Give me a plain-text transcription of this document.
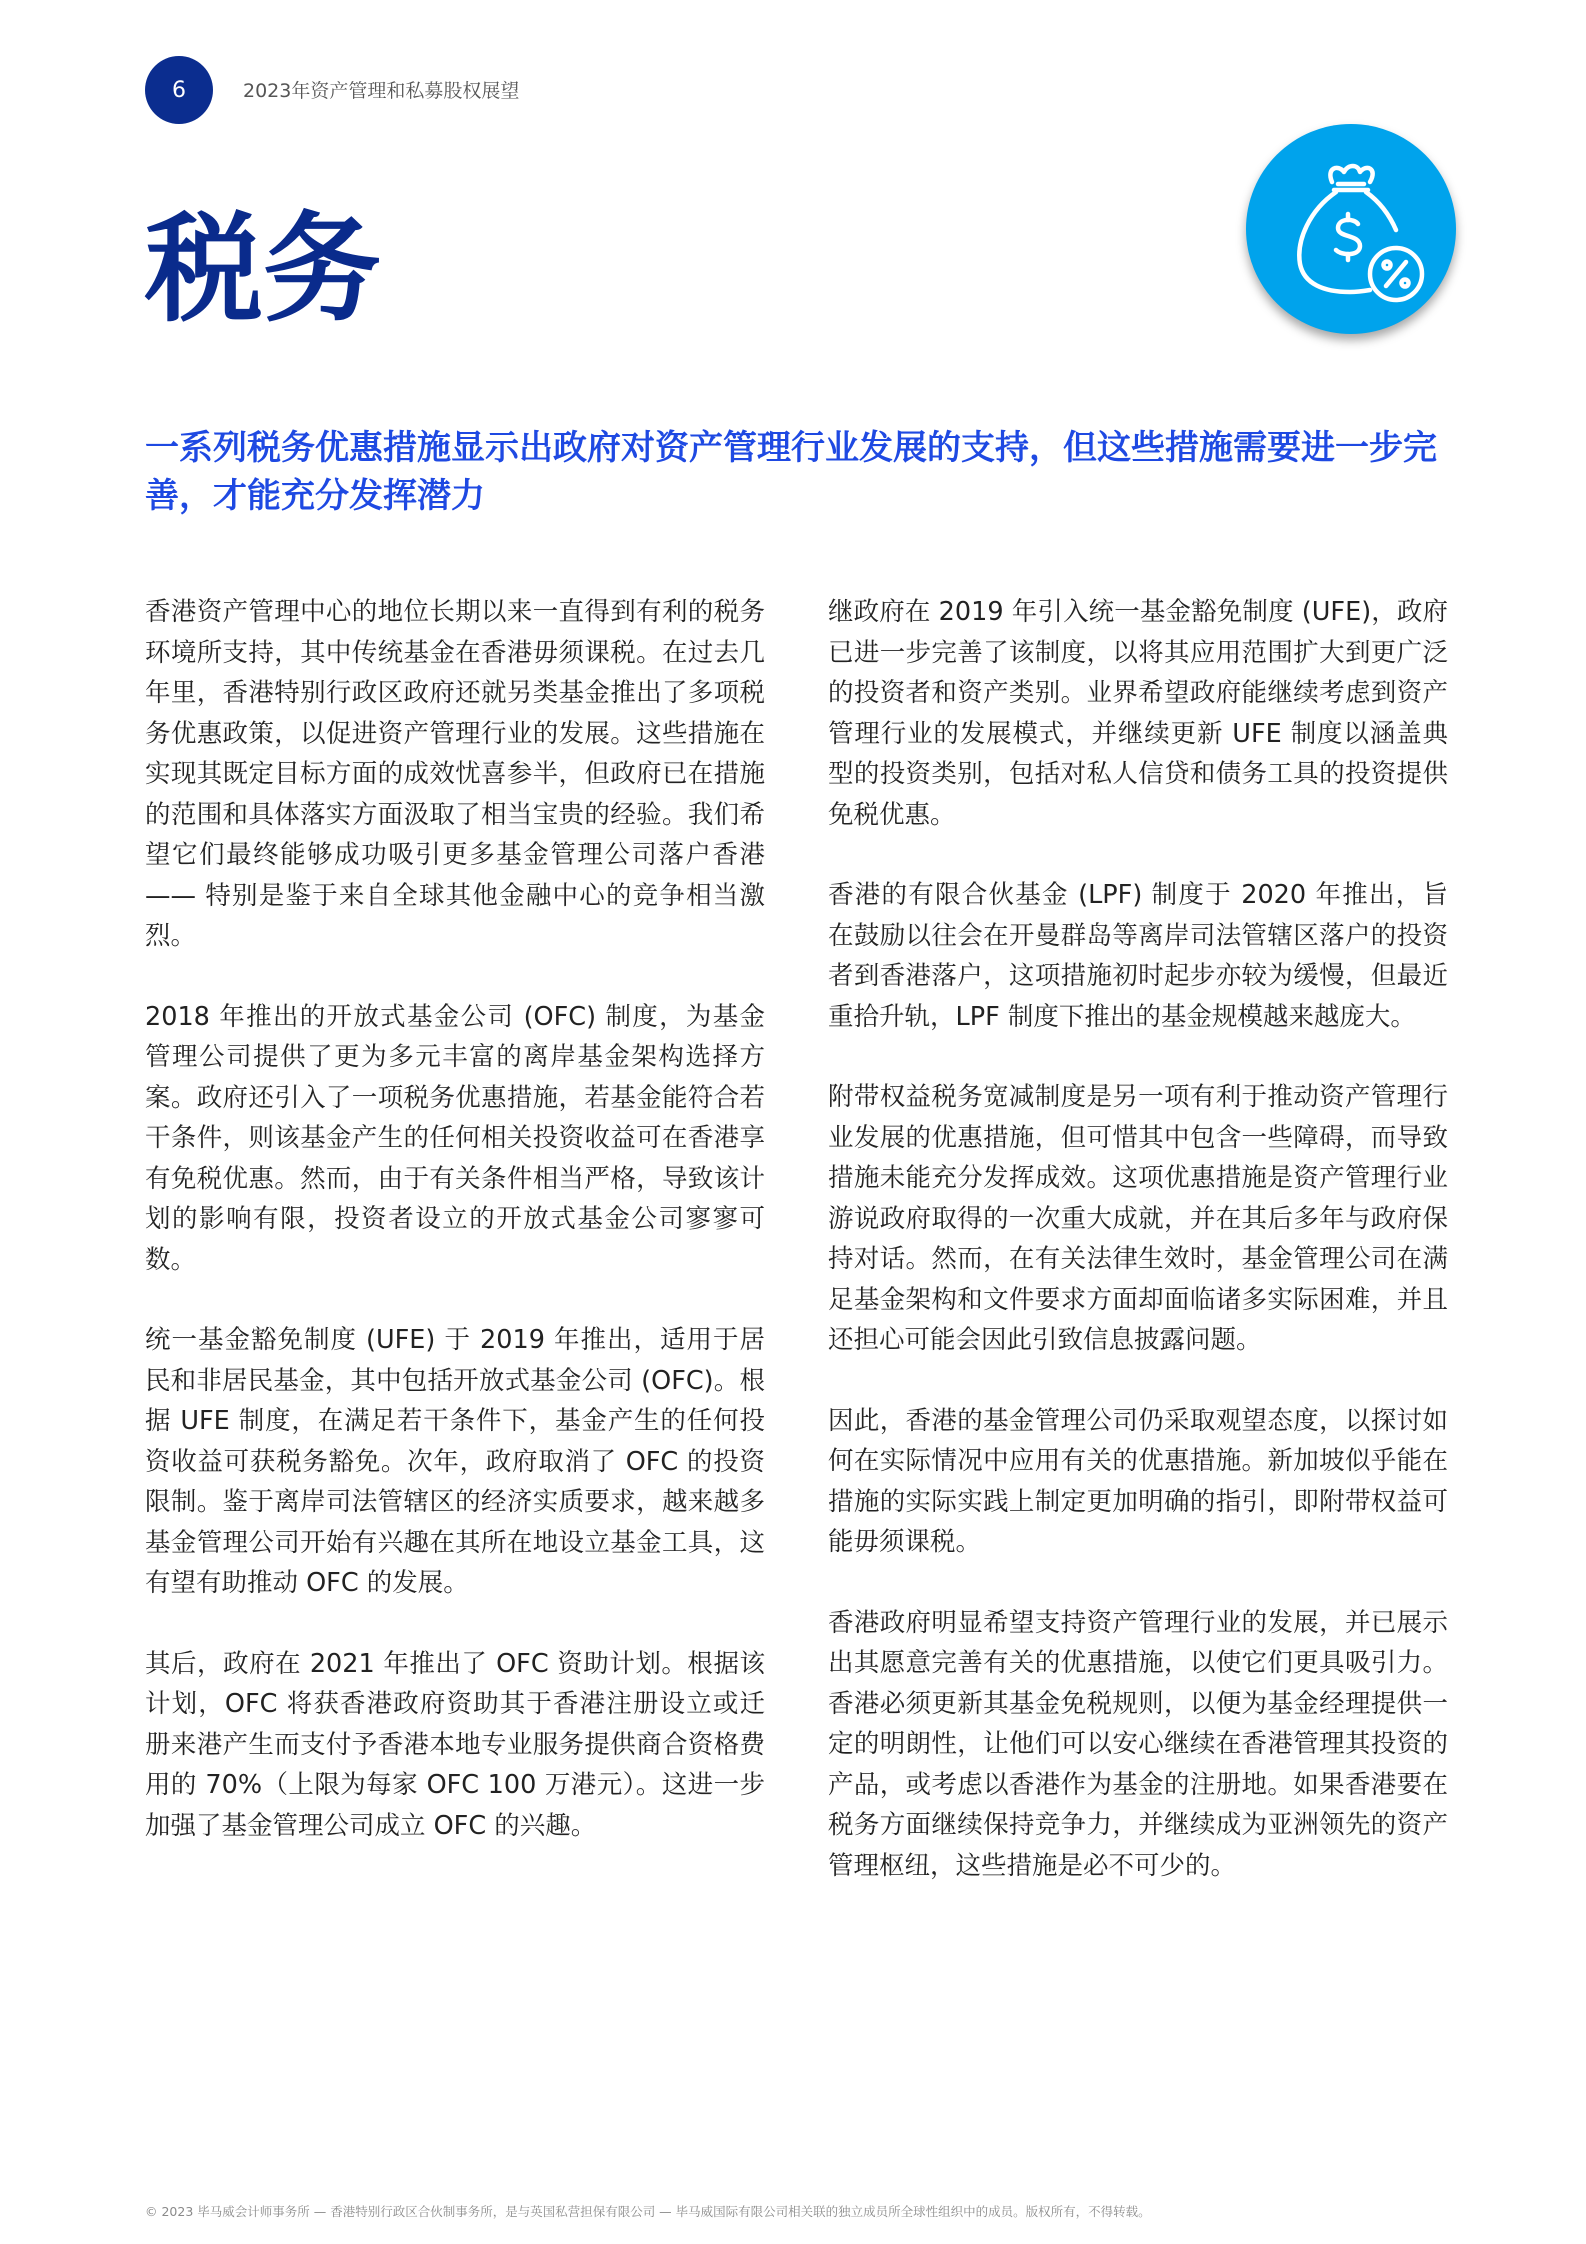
6	2023年资产管理和私募股权展望
税务
一系列税务优惠措施显示出政府对资产管理行业发展的支持，但这些措施需要进一步完善，才能充分发挥潜力

香港资产管理中心的地位长期以来一直得到有利的税务环境所支持，其中传统基金在香港毋须课税。在过去几年里，香港特别行政区政府还就另类基金推出了多项税务优惠政策，以促进资产管理行业的发展。这些措施在实现其既定目标方面的成效忧喜参半，但政府已在措施的范围和具体落实方面汲取了相当宝贵的经验。我们希望它们最终能够成功吸引更多基金管理公司落户香港 —— 特别是鉴于来自全球其他金融中心的竞争相当激烈。

2018 年推出的开放式基金公司 (OFC) 制度，为基金管理公司提供了更为多元丰富的离岸基金架构选择方案。政府还引入了一项税务优惠措施，若基金能符合若干条件，则该基金产生的任何相关投资收益可在香港享有免税优惠。然而，由于有关条件相当严格，导致该计划的影响有限，投资者设立的开放式基金公司寥寥可数。

统一基金豁免制度 (UFE) 于 2019 年推出，适用于居民和非居民基金，其中包括开放式基金公司 (OFC)。根据 UFE 制度，在满足若干条件下，基金产生的任何投资收益可获税务豁免。次年，政府取消了 OFC 的投资限制。鉴于离岸司法管辖区的经济实质要求，越来越多基金管理公司开始有兴趣在其所在地设立基金工具，这有望有助推动 OFC 的发展。

其后，政府在 2021 年推出了 OFC 资助计划。根据该计划，OFC 将获香港政府资助其于香港注册设立或迁册来港产生而支付予香港本地专业服务提供商合资格费用的 70%（上限为每家 OFC 100 万港元）。这进一步加强了基金管理公司成立 OFC 的兴趣。

继政府在 2019 年引入统一基金豁免制度 (UFE)，政府已进一步完善了该制度，以将其应用范围扩大到更广泛的投资者和资产类别。业界希望政府能继续考虑到资产管理行业的发展模式，并继续更新 UFE 制度以涵盖典型的投资类别，包括对私人信贷和债务工具的投资提供免税优惠。

香港的有限合伙基金 (LPF) 制度于 2020 年推出，旨在鼓励以往会在开曼群岛等离岸司法管辖区落户的投资者到香港落户，这项措施初时起步亦较为缓慢，但最近重拾升轨，LPF 制度下推出的基金规模越来越庞大。

附带权益税务宽减制度是另一项有利于推动资产管理行业发展的优惠措施，但可惜其中包含一些障碍，而导致措施未能充分发挥成效。这项优惠措施是资产管理行业游说政府取得的一次重大成就，并在其后多年与政府保持对话。然而，在有关法律生效时，基金管理公司在满足基金架构和文件要求方面却面临诸多实际困难，并且还担心可能会因此引致信息披露问题。

因此，香港的基金管理公司仍采取观望态度，以探讨如何在实际情况中应用有关的优惠措施。新加坡似乎能在措施的实际实践上制定更加明确的指引，即附带权益可能毋须课税。

香港政府明显希望支持资产管理行业的发展，并已展示出其愿意完善有关的优惠措施，以使它们更具吸引力。香港必须更新其基金免税规则，以便为基金经理提供一定的明朗性，让他们可以安心继续在香港管理其投资的产品，或考虑以香港作为基金的注册地。如果香港要在税务方面继续保持竞争力，并继续成为亚洲领先的资产管理枢纽，这些措施是必不可少的。

© 2023 毕马威会计师事务所 — 香港特别行政区合伙制事务所，是与英国私营担保有限公司 — 毕马威国际有限公司相关联的独立成员所全球性组织中的成员。版权所有，不得转载。
